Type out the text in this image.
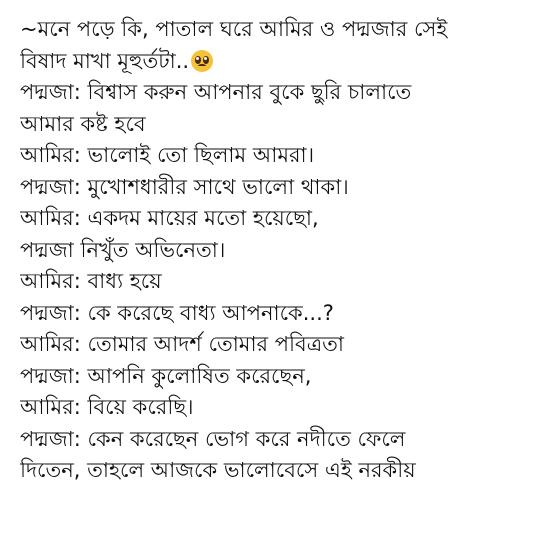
~মনে পড়ে কি, পাতাল ঘরে আমির ও পদ্মজার সেই
বিষাদ মাখা মূহুর্তটা..
পদ্মজা: বিশ্বাস করুন আপনার বুকে ছুরি চালাতে
আমার কষ্ট হবে
আমির: ভালোই তো ছিলাম আমরা।
পদ্মজা: মুখোশধারীর সাথে ভালো থাকা।
আমির: একদম মায়ের মতো হয়েছো,
পদ্মজা নিখুঁত অভিনেতা।
আমির: বাধ্য হয়ে
পদ্মজা: কে করেছে বাধ্য আপনাকে...?
আমির: তোমার আদর্শ তোমার পবিত্রতা
পদ্মজা: আপনি কুলোষিত করেছেন,
আমির: বিয়ে করেছি।
পদ্মজা: কেন করেছেন ভোগ করে নদীতে ফেলে
দিতেন, তাহলে আজকে ভালোবেসে এই নরকীয়
